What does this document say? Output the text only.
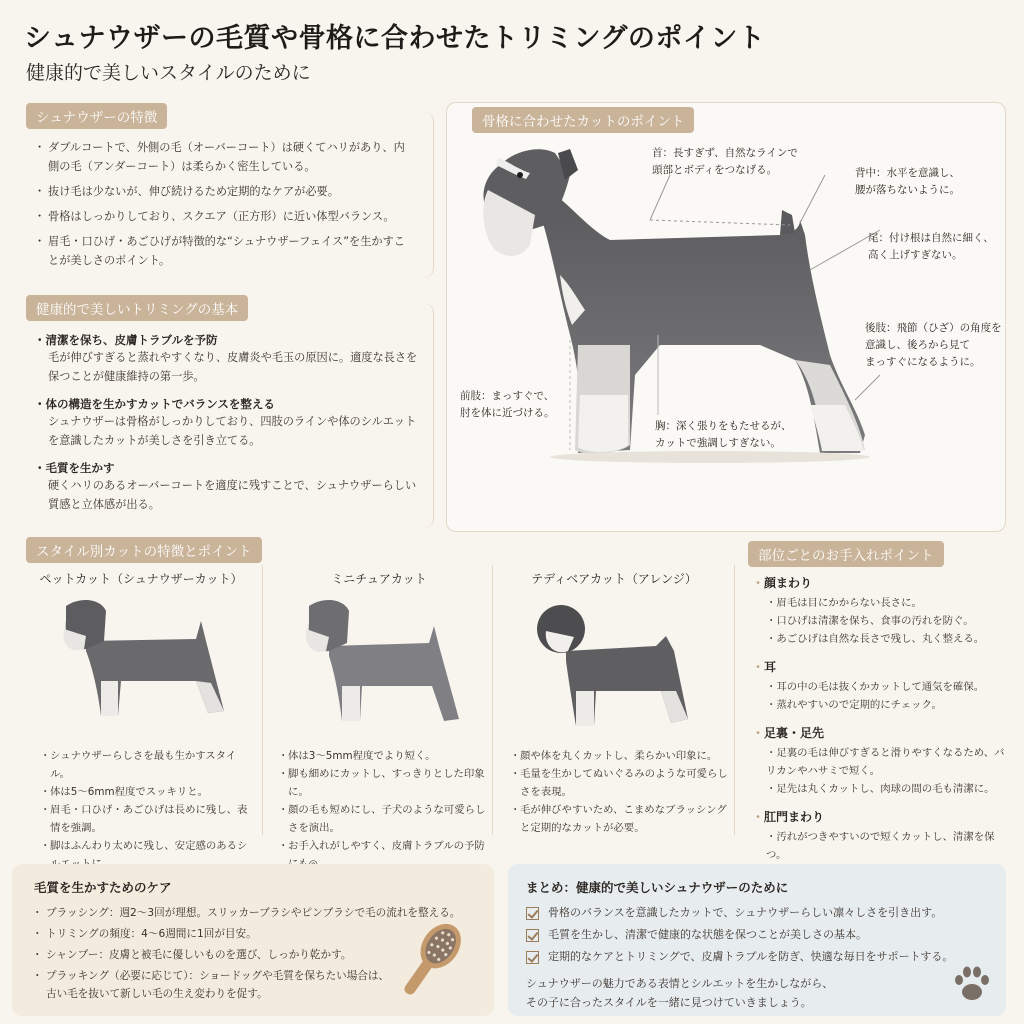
シュナウザーの毛質や骨格に合わせたトリミングのポイント
健康的で美しいスタイルのために
シュナウザーの特徴
・ ダブルコートで、外側の毛（オーバーコート）は硬くてハリがあり、内側の毛（アンダーコート）は柔らかく密生している。
・ 抜け毛は少ないが、伸び続けるため定期的なケアが必要。
・ 骨格はしっかりしており、スクエア（正方形）に近い体型バランス。
・ 眉毛・口ひげ・あごひげが特徴的な“シュナウザーフェイス”を生かすことが美しさのポイント。
健康的で美しいトリミングの基本
・清潔を保ち、皮膚トラブルを予防
毛が伸びすぎると蒸れやすくなり、皮膚炎や毛玉の原因に。適度な長さを保つことが健康維持の第一歩。
・体の構造を生かすカットでバランスを整える
シュナウザーは骨格がしっかりしており、四肢のラインや体のシルエットを意識したカットが美しさを引き立てる。
・毛質を生かす
硬くハリのあるオーバーコートを適度に残すことで、シュナウザーらしい質感と立体感が出る。
骨格に合わせたカットのポイント
首：長すぎず、自然なラインで
頭部とボディをつなげる。	背中：水平を意識し、
腰が落ちないように。
尾：付け根は自然に細く、
高く上げすぎない。
後肢：飛節（ひざ）の角度を
意識し、後ろから見て
まっすぐになるように。
前肢：まっすぐで、
肘を体に近づける。
胸：深く張りをもたせるが、
カットで強調しすぎない。
スタイル別カットの特徴とポイント
ペットカット（シュナウザーカット）
・ シュナウザーらしさを最も生かすスタイル。
・ 体は5〜6mm程度でスッキリと。
・ 眉毛・口ひげ・あごひげは長めに残し、表情を強調。
・ 脚はふんわり太めに残し、安定感のあるシ
ミニチュアカット
・ 体は3〜5mm程度でより短く。
・ 脚も細めにカットし、すっきりとした印象に。
・ 顔の毛も短めにし、子犬のような可愛らしさを演出。
・ お手入れがしやすく、皮膚トラブルの予防
テディベアカット（アレンジ）
・ 顔や体を丸くカットし、柔らかい印象に。
・ 毛量を生かしてぬいぐるみのような可愛らしさを表現。
・ 毛が伸びやすいため、こまめなブラッシングと定期的なカットが必要。
部位ごとのお手入れポイント
・ 顔まわり
・眉毛は目にかからない長さに。
・口ひげは清潔を保ち、食事の汚れを防ぐ。
・あごひげは自然な長さで残し、丸く整える。
・ 耳
・耳の中の毛は抜くかカットして通気を確保。
・蒸れやすいので定期的にチェック。
・ 足裏・足先
・足裏の毛は伸びすぎると滑りやすくなるため、バリカンやハサミで短く。
・足先は丸くカットし、肉球の間の毛も清潔に。
・ 肛門まわり
・汚れがつきやすいので短くカットし、清潔を保つ。
毛質を生かすためのケア
・ ブラッシング：週2〜3回が理想。スリッカーブラシやピンブラシで毛の流れを整える。
・ トリミングの頻度：4〜6週間に1回が目安。
・ シャンプー：皮膚と被毛に優しいものを選び、しっかり乾かす。
・ プラッキング（必要に応じて）：ショードッグや毛質を保ちたい場合は、古い毛を抜いて新しい毛の生え変わりを促す。
まとめ：健康的で美しいシュナウザーのために
骨格のバランスを意識したカットで、シュナウザーらしい凛々しさを引き出す。
毛質を生かし、清潔で健康的な状態を保つことが美しさの基本。
定期的なケアとトリミングで、皮膚トラブルを防ぎ、快適な毎日をサポートする。
シュナウザーの魅力である表情とシルエットを生かしながら、
その子に合ったスタイルを一緒に見つけていきましょう。
